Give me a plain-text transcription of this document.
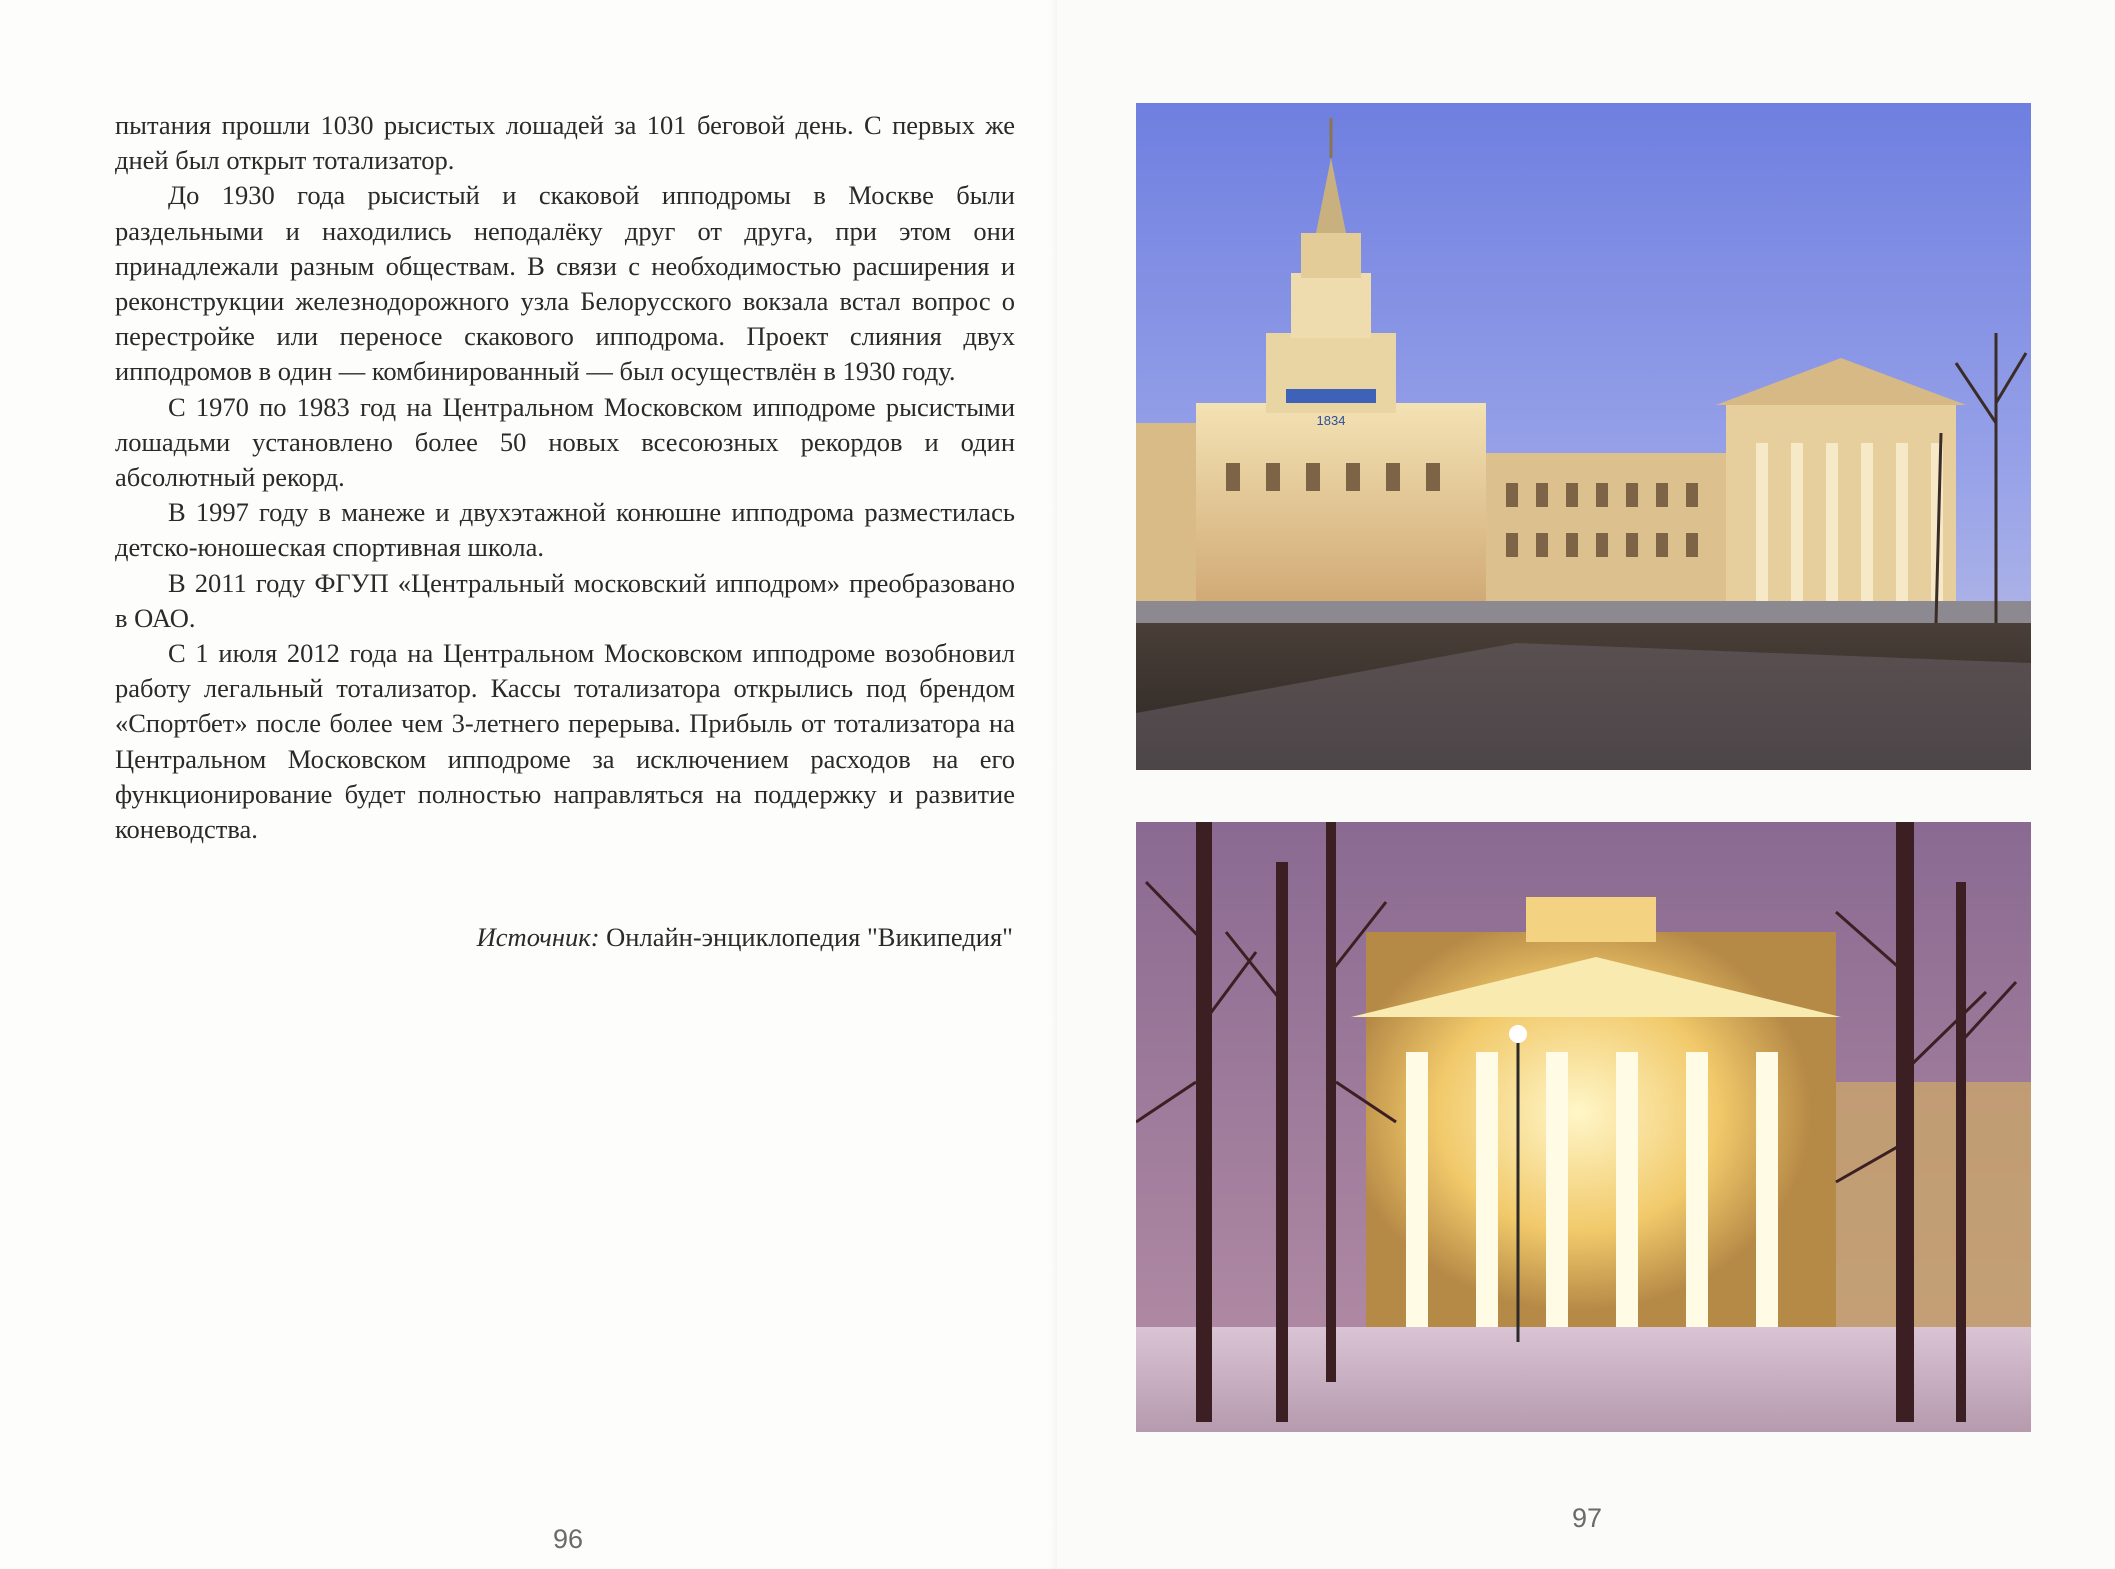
пытания прошли 1030 рысистых лошадей за 101 беговой день. С первых же дней был открыт тотализатор.

До 1930 года рысистый и скаковой ипподромы в Москве были раздельными и находились неподалёку друг от друга, при этом они принадлежали разным обществам. В связи с необходимостью расширения и реконструкции железнодорожного узла Белорусского вокзала встал вопрос о перестройке или переносе скакового ипподрома. Проект слияния двух ипподромов в один — комбинированный — был осуществлён в 1930 году.

С 1970 по 1983 год на Центральном Московском ипподроме рысистыми лошадьми установлено более 50 новых всесоюзных рекордов и один абсолютный рекорд.

В 1997 году в манеже и двухэтажной конюшне ипподрома разместилась детско-юношеская спортивная школа.

В 2011 году ФГУП «Центральный московский ипподром» преобразовано в ОАО.

С 1 июля 2012 года на Центральном Московском ипподроме возобновил работу легальный тотализатор. Кассы тотализатора открылись под брендом «Спортбет» после более чем 3-летнего перерыва. Прибыль от тотализатора на Центральном Московском ипподроме за исключением расходов на его функционирование будет полностью направляться на поддержку и развитие коневодства.

Источник: Онлайн-энциклопедия "Википедия"
96
1834
97
